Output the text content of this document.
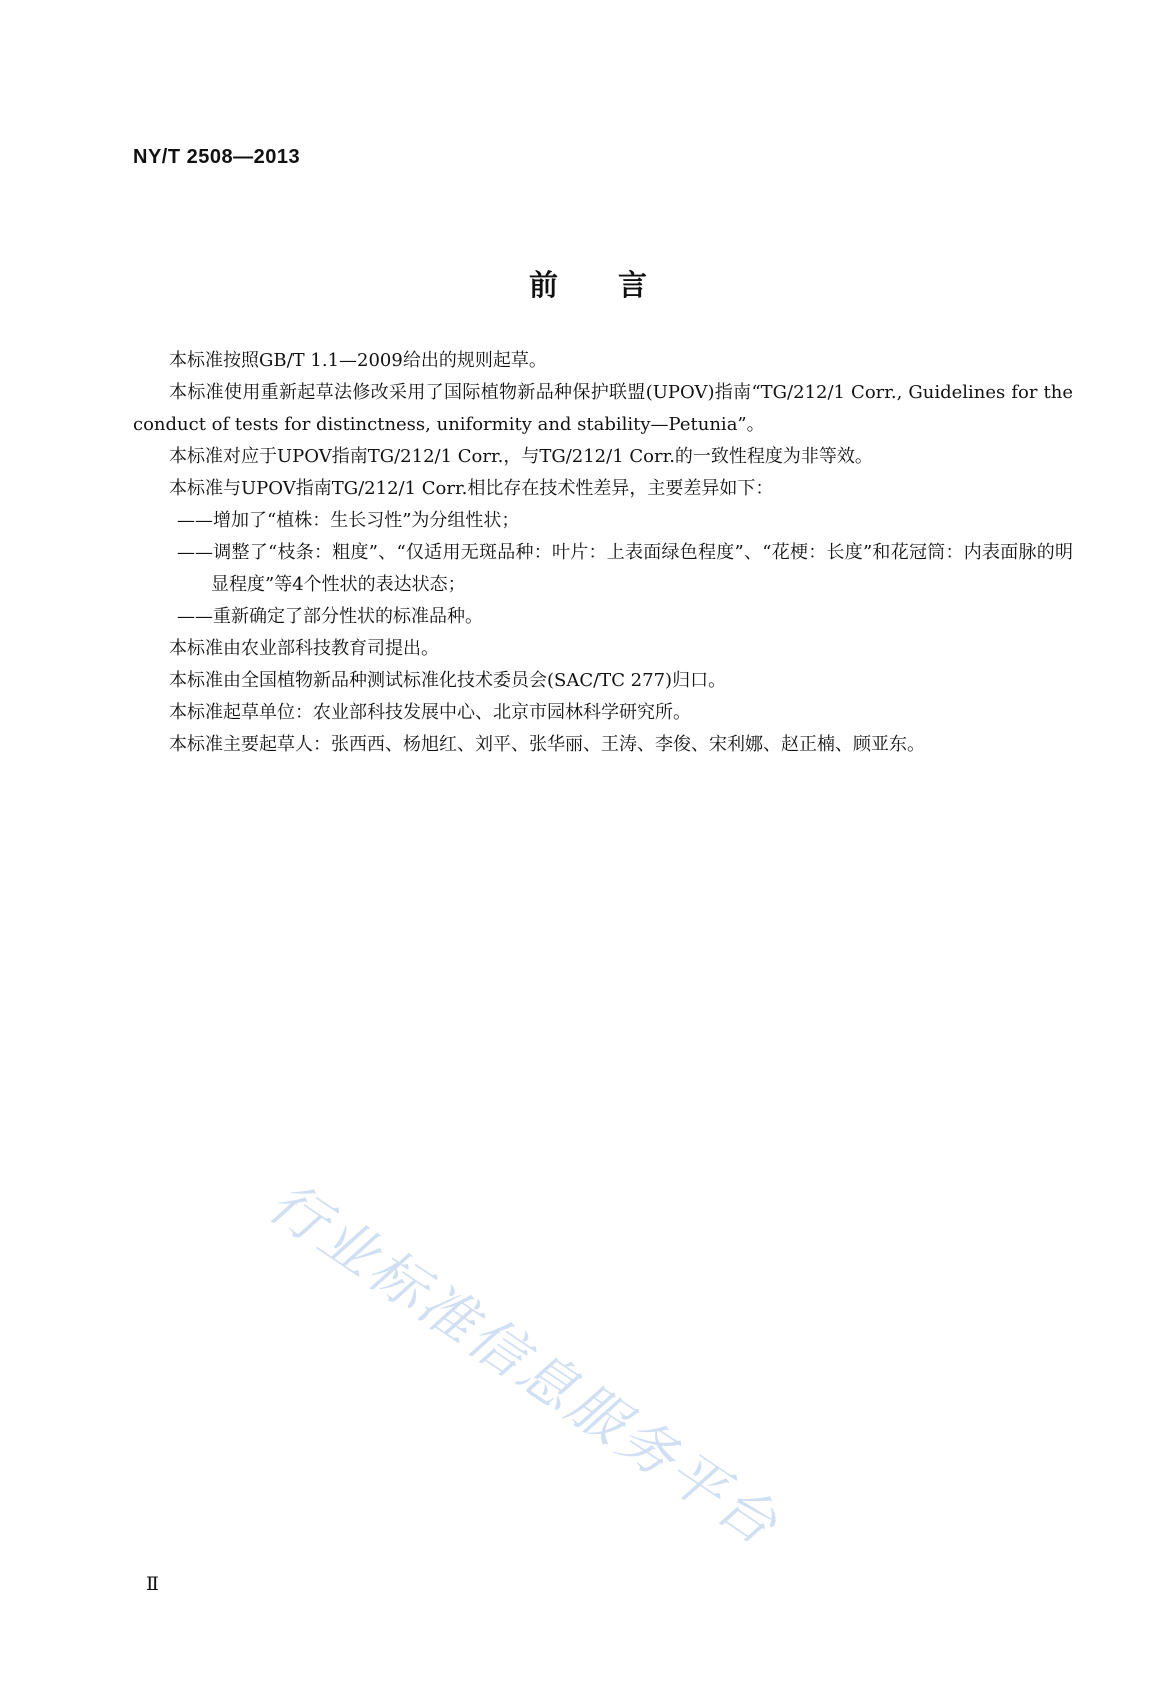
NY/T 2508—2013
前言

本标准按照GB/T 1.1—2009给出的规则起草。

本标准使用重新起草法修改采用了国际植物新品种保护联盟(UPOV)指南“TG/212/1 Corr., Guidelines for the conduct of tests for distinctness, uniformity and stability—Petunia”。

本标准对应于UPOV指南TG/212/1 Corr.，与TG/212/1 Corr.的一致性程度为非等效。

本标准与UPOV指南TG/212/1 Corr.相比存在技术性差异，主要差异如下：

——增加了“植株：生长习性”为分组性状；

——调整了“枝条：粗度”、“仅适用无斑品种：叶片：上表面绿色程度”、“花梗：长度”和花冠筒：内表面脉的明显程度”等4个性状的表达状态；

——重新确定了部分性状的标准品种。

本标准由农业部科技教育司提出。

本标准由全国植物新品种测试标准化技术委员会(SAC/TC 277)归口。

本标准起草单位：农业部科技发展中心、北京市园林科学研究所。

本标准主要起草人：张西西、杨旭红、刘平、张华丽、王涛、李俊、宋利娜、赵正楠、顾亚东。

行业标准信息服务平台
Ⅱ
